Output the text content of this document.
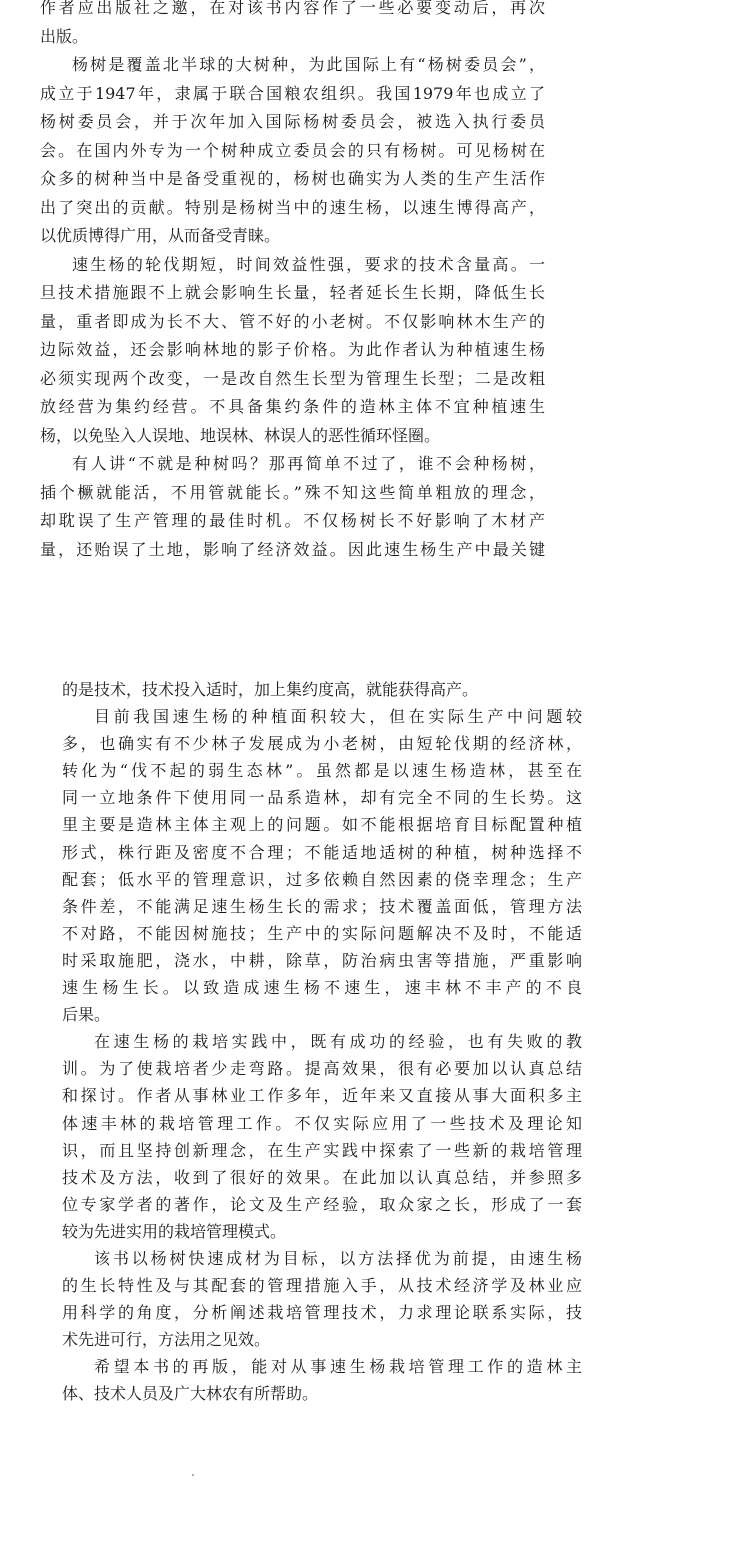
作者应出版社之邀，在对该书内容作了一些必要变动后，再次
出版。
杨树是覆盖北半球的大树种，为此国际上有“杨树委员会”，
成立于1947年，隶属于联合国粮农组织。我国1979年也成立了
杨树委员会，并于次年加入国际杨树委员会，被选入执行委员
会。在国内外专为一个树种成立委员会的只有杨树。可见杨树在
众多的树种当中是备受重视的，杨树也确实为人类的生产生活作
出了突出的贡献。特别是杨树当中的速生杨，以速生博得高产，
以优质博得广用，从而备受青睐。
速生杨的轮伐期短，时间效益性强，要求的技术含量高。一
旦技术措施跟不上就会影响生长量，轻者延长生长期，降低生长
量，重者即成为长不大、管不好的小老树。不仅影响林木生产的
边际效益，还会影响林地的影子价格。为此作者认为种植速生杨
必须实现两个改变，一是改自然生长型为管理生长型；二是改粗
放经营为集约经营。不具备集约条件的造林主体不宜种植速生
杨，以免坠入人误地、地误林、林误人的恶性循环怪圈。
有人讲“不就是种树吗？那再简单不过了，谁不会种杨树，
插个橛就能活，不用管就能长。”殊不知这些简单粗放的理念，
却耽误了生产管理的最佳时机。不仅杨树长不好影响了木材产
量，还贻误了土地，影响了经济效益。因此速生杨生产中最关键
的是技术，技术投入适时，加上集约度高，就能获得高产。
目前我国速生杨的种植面积较大，但在实际生产中问题较
多，也确实有不少林子发展成为小老树，由短轮伐期的经济林，
转化为“伐不起的弱生态林”。虽然都是以速生杨造林，甚至在
同一立地条件下使用同一品系造林，却有完全不同的生长势。这
里主要是造林主体主观上的问题。如不能根据培育目标配置种植
形式，株行距及密度不合理；不能适地适树的种植，树种选择不
配套；低水平的管理意识，过多依赖自然因素的侥幸理念；生产
条件差，不能满足速生杨生长的需求；技术覆盖面低，管理方法
不对路，不能因树施技；生产中的实际问题解决不及时，不能适
时采取施肥，浇水，中耕，除草，防治病虫害等措施，严重影响
速生杨生长。以致造成速生杨不速生，速丰林不丰产的不良
后果。
在速生杨的栽培实践中，既有成功的经验，也有失败的教
训。为了使栽培者少走弯路。提高效果，很有必要加以认真总结
和探讨。作者从事林业工作多年，近年来又直接从事大面积多主
体速丰林的栽培管理工作。不仅实际应用了一些技术及理论知
识，而且坚持创新理念，在生产实践中探索了一些新的栽培管理
技术及方法，收到了很好的效果。在此加以认真总结，并参照多
位专家学者的著作，论文及生产经验，取众家之长，形成了一套
较为先进实用的栽培管理模式。
该书以杨树快速成材为目标，以方法择优为前提，由速生杨
的生长特性及与其配套的管理措施入手，从技术经济学及林业应
用科学的角度，分析阐述栽培管理技术，力求理论联系实际，技
术先进可行，方法用之见效。
希望本书的再版，能对从事速生杨栽培管理工作的造林主
体、技术人员及广大林农有所帮助。
